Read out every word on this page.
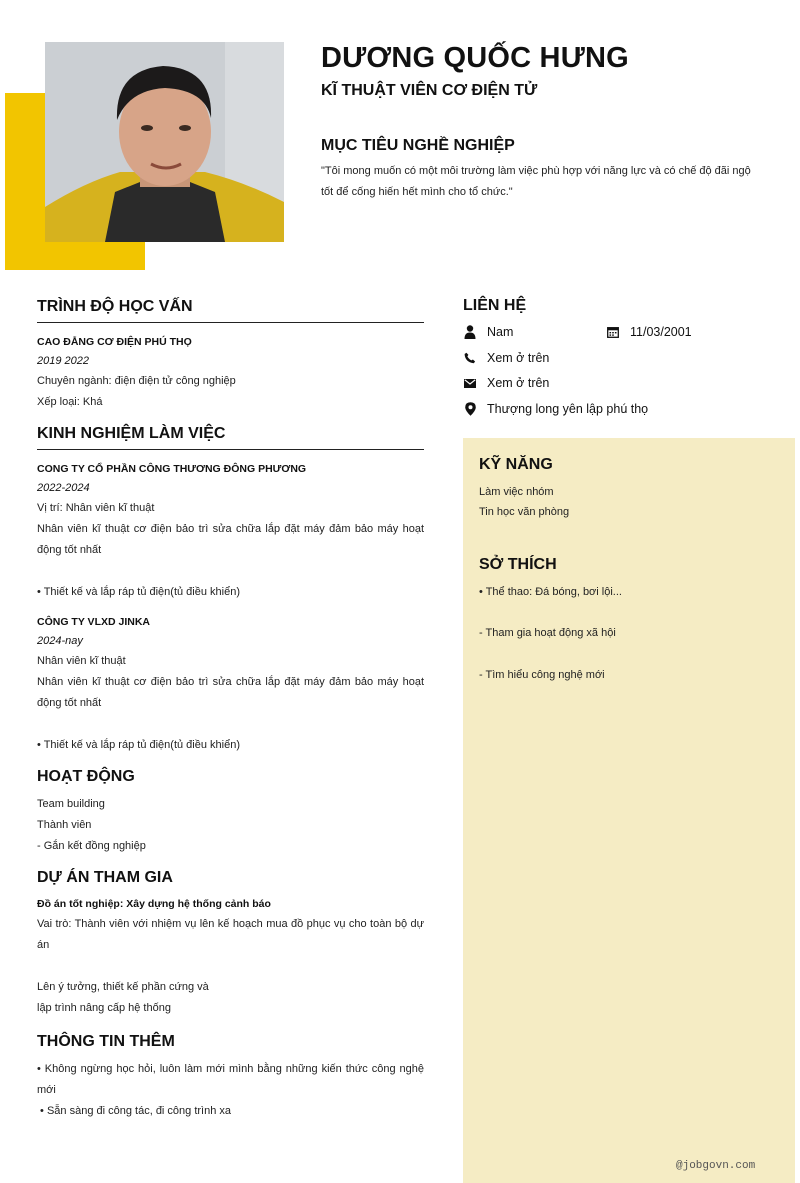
DƯƠNG QUỐC HƯNG
KĨ THUẬT VIÊN CƠ ĐIỆN TỬ
MỤC TIÊU NGHỀ NGHIỆP
"Tôi mong muốn có một môi trường làm việc phù hợp với năng lực và có chế độ đãi ngộ tốt để cống hiến hết mình cho tổ chức."
TRÌNH ĐỘ HỌC VẤN
CAO ĐẲNG CƠ ĐIỆN PHÚ THỌ
2019 2022
Chuyên ngành: điện điện tử công nghiệp
Xếp loại: Khá
KINH NGHIỆM LÀM VIỆC
CONG TY CỔ PHẦN CÔNG THƯƠNG ĐÔNG PHƯƠNG
2022-2024
Vị trí: Nhân viên kĩ thuật
Nhân viên kĩ thuật cơ điện bảo trì sửa chữa lắp đặt máy đảm bảo máy hoạt động tốt nhất
• Thiết kế và lắp ráp tủ điện(tủ điều khiển)
CÔNG TY VLXD JINKA
2024-nay
Nhân viên kĩ thuật
Nhân viên kĩ thuật cơ điện bảo trì sửa chữa lắp đặt máy đảm bảo máy hoạt động tốt nhất
• Thiết kế và lắp ráp tủ điện(tủ điều khiển)
HOẠT ĐỘNG
Team building
Thành viên
- Gắn kết đồng nghiệp
DỰ ÁN THAM GIA
Đồ án tốt nghiệp: Xây dựng hệ thống cảnh báo
Vai trò: Thành viên với nhiệm vụ lên kế hoạch mua đồ phục vụ cho toàn bộ dự án
Lên ý tưởng, thiết kế phần cứng và
lập trình nâng cấp hệ thống
THÔNG TIN THÊM
• Không ngừng học hỏi, luôn làm mới mình bằng những kiến thức công nghệ mới
• Sẵn sàng đi công tác, đi công trình xa
LIÊN HỆ
Nam	11/03/2001
Xem ở trên
Xem ở trên
Thượng long yên lập phú thọ
KỸ NĂNG
Làm việc nhóm
Tin học văn phòng
SỞ THÍCH
• Thể thao: Đá bóng, bơi lội...
- Tham gia hoạt động xã hội
- Tìm hiểu công nghệ mới
@jobgovn.com
